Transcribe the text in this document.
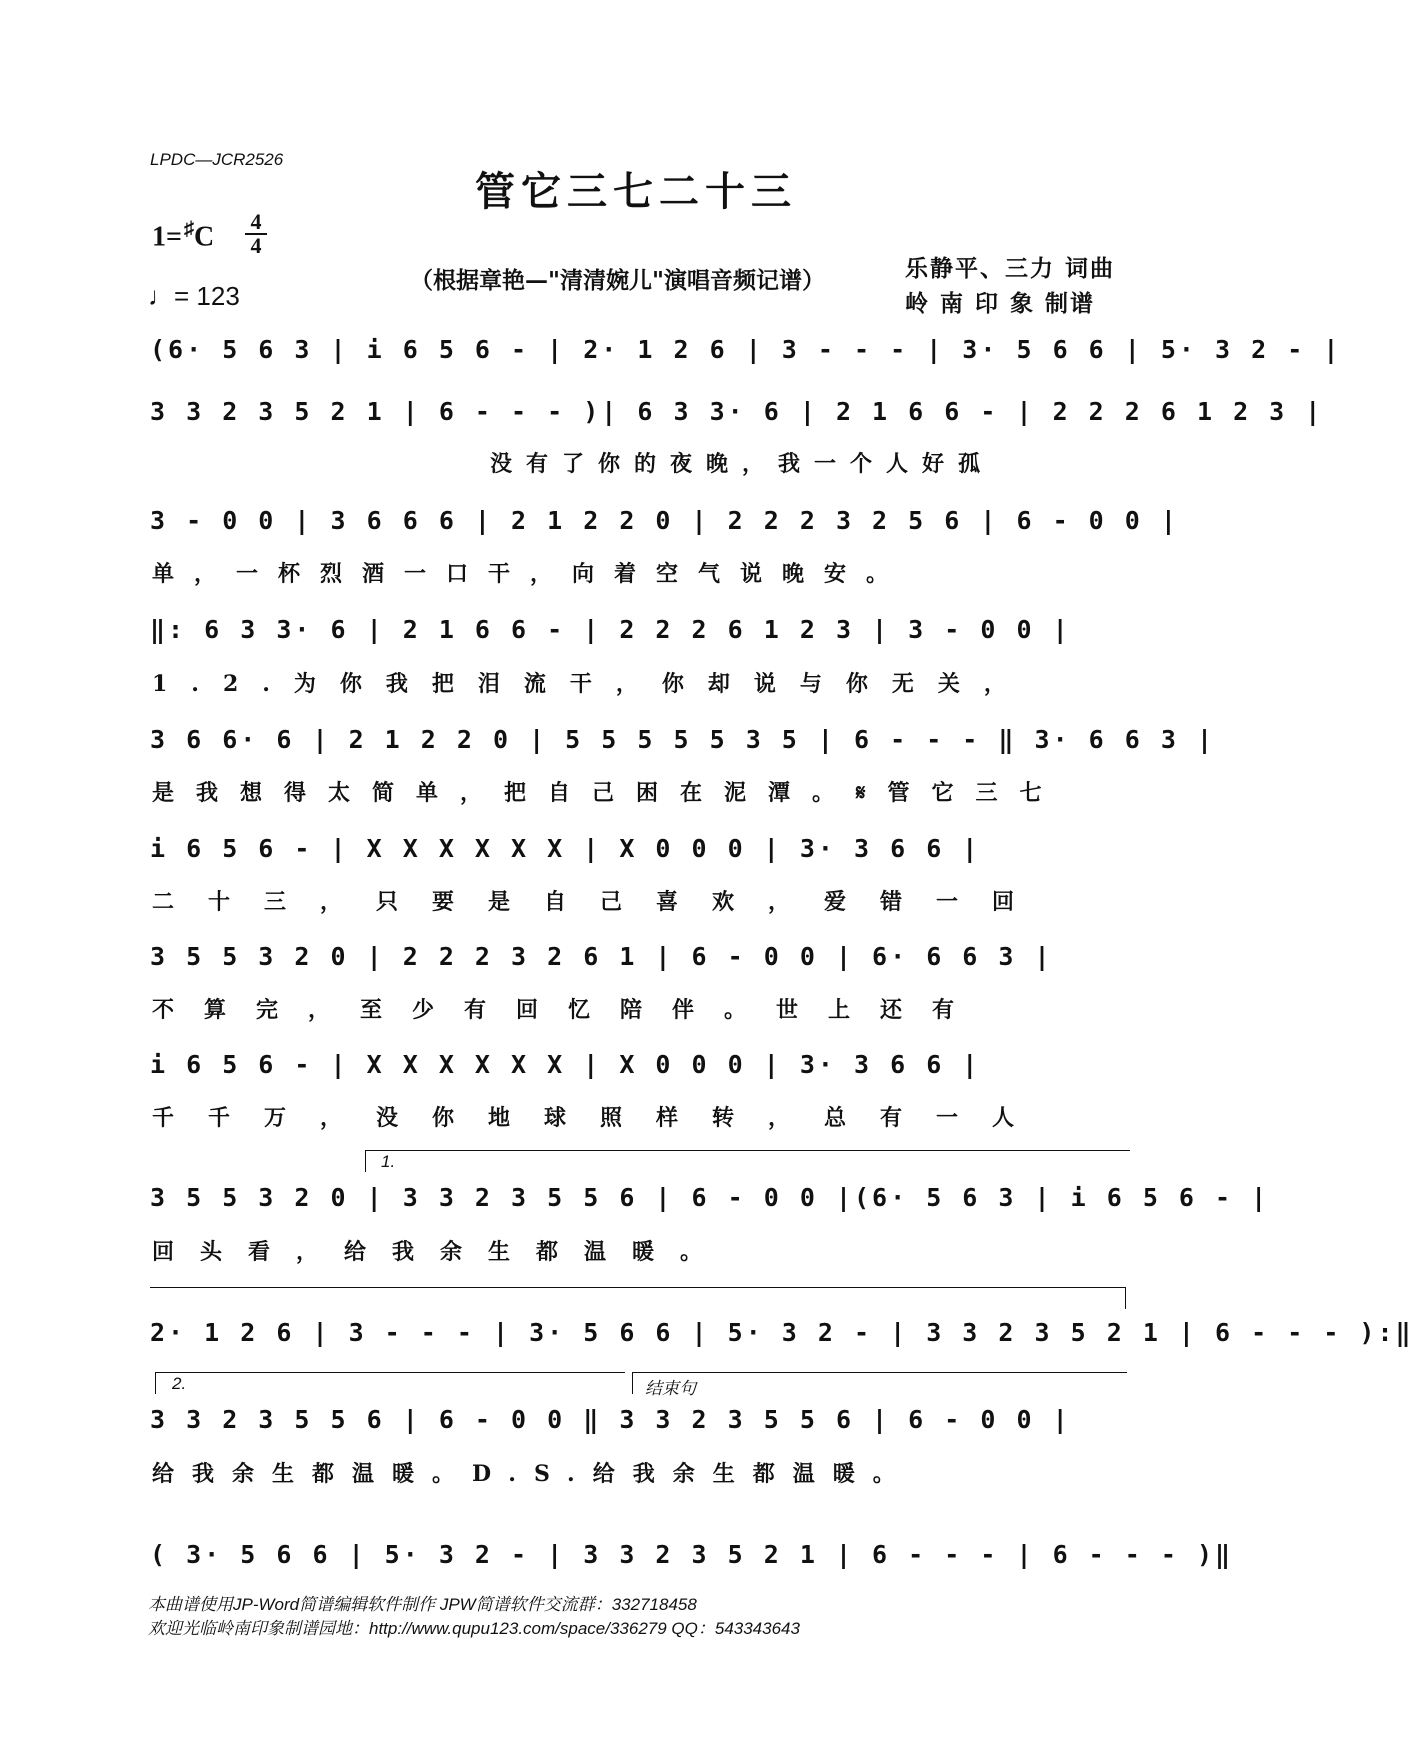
LPDC—JCR2526
管它三七二十三
1= ♯C 4
4
♩= 123
（根据章艳—"清清婉儿"演唱音频记谱）	乐静平、三力 词曲
岭 南 印 象 制谱
(6· 5 6 3 | i 6 5 6 - | 2· 1 2 6 | 3 - - - | 3· 5 6 6 | 5· 3 2 - |
3 3 2 3 5 2 1 | 6 - - - )| 6 3 3· 6 | 2 1 6 6 - | 2 2 2 6 1 2 3 |
没有了你的夜晚，我一个人好孤
3 - 0 0 | 3 6 6 6 | 2 1 2 2 0 | 2 2 2 3 2 5 6 | 6 - 0 0 |
单，一杯烈酒一口干，向着空气说晚安。
‖: 6 3 3· 6 | 2 1 6 6 - | 2 2 2 6 1 2 3 | 3 - 0 0 |
1.2.为你我把泪流干，你却说与你无关，
3 6 6· 6 | 2 1 2 2 0 | 5 5 5 5 5 3 5 | 6 - - - ‖ 3· 6 6 3 |
是我想得太简单，把自己困在泥潭。𝄋管它三七
i 6 5 6 - | X X X X X X | X 0 0 0 | 3· 3 6 6 |
二十三，只要是自己喜欢，爱错一回
3 5 5 3 2 0 | 2 2 2 3 2 6 1 | 6 - 0 0 | 6· 6 6 3 |
不算完，至少有回忆陪伴。世上还有
i 6 5 6 - | X X X X X X | X 0 0 0 | 3· 3 6 6 |
千千万，没你地球照样转，总有一人
1.
3 5 5 3 2 0 | 3 3 2 3 5 5 6 | 6 - 0 0 |(6· 5 6 3 | i 6 5 6 - |
回头看，给我余生都温暖。
2· 1 2 6 | 3 - - - | 3· 5 6 6 | 5· 3 2 - | 3 3 2 3 5 2 1 | 6 - - - ):‖
2.	结束句
3 3 2 3 5 5 6 | 6 - 0 0 ‖ 3 3 2 3 5 5 6 | 6 - 0 0 |
给我余生都温暖。D.S.给我余生都温暖。
( 3· 5 6 6 | 5· 3 2 - | 3 3 2 3 5 2 1 | 6 - - - | 6 - - - )‖
本曲谱使用JP-Word简谱编辑软件制作 JPW简谱软件交流群：332718458
欢迎光临岭南印象制谱园地：http://www.qupu123.com/space/336279 QQ：543343643
